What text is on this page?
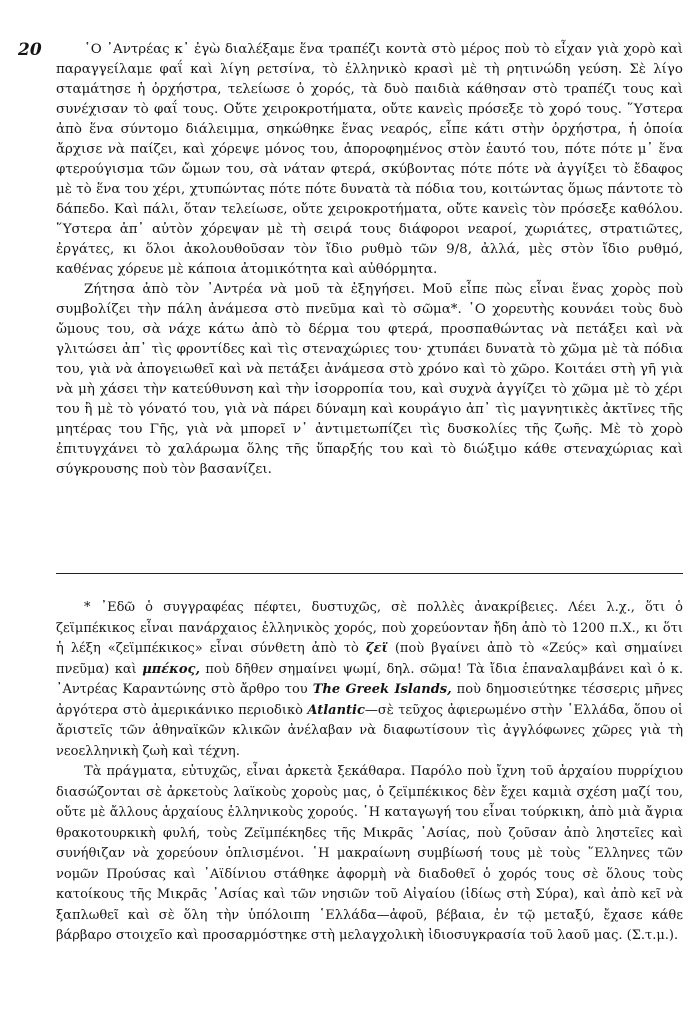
20	῾Ο ᾿Αντρέας κ᾿ ἐγὼ διαλέξαμε ἕνα τραπέζι κοντὰ στὸ μέρος ποὺ τὸ εἶχαν γιὰ χορὸ καὶ παραγγείλαμε φαΐ καὶ λίγη ρετσίνα, τὸ ἑλληνικὸ κρασὶ μὲ τὴ ρητινώδη γεύση. Σὲ λίγο σταμάτησε ἡ ὀρχήστρα, τελείωσε ὁ χορός, τὰ δυὸ παιδιὰ κάθησαν στὸ τραπέζι τους καὶ συνέχισαν τὸ φαΐ τους. Οὔτε χειροκροτήματα, οὔτε κανεὶς πρόσεξε τὸ χορό τους. ῞Υστερα ἀπὸ ἕνα σύντομο διάλειμμα, σηκώθηκε ἕνας νεαρός, εἶπε κάτι στὴν ὀρχήστρα, ἡ ὁποία ἄρχισε νὰ παίζει, καὶ χόρεψε μόνος του, ἀποροφημένος στὸν ἑαυτό του, πότε πότε μ᾿ ἕνα φτερούγισμα τῶν ὤμων του, σὰ νάταν φτερά, σκύβοντας πότε πότε νὰ ἀγγίξει τὸ ἔδαφος μὲ τὸ ἕνα του χέρι, χτυπώντας πότε πότε δυνατὰ τὰ πόδια του, κοιτώντας ὅμως πάντοτε τὸ δάπεδο. Καὶ πάλι, ὅταν τελείωσε, οὔτε χειροκροτήματα, οὔτε κανεὶς τὸν πρόσεξε καθόλου. ῞Υστερα ἀπ᾿ αὐτὸν χόρεψαν μὲ τὴ σειρά τους διάφοροι νεαροί, χωριάτες, στρατιῶτες, ἐργάτες, κι ὅλοι ἀκολουθοῦσαν τὸν ἴδιο ρυθμὸ τῶν 9/8, ἀλλά, μὲς στὸν ἴδιο ρυθμό, καθένας χόρευε μὲ κάποια ἀτομικότητα καὶ αὐθόρμητα.

Ζήτησα ἀπὸ τὸν ᾿Αντρέα νὰ μοῦ τὰ ἐξηγήσει. Μοῦ εἶπε πὼς εἶναι ἕνας χορὸς ποὺ συμβολίζει τὴν πάλη ἀνάμεσα στὸ πνεῦμα καὶ τὸ σῶμα*. ῾Ο χορευτὴς κουνάει τοὺς δυὸ ὤμους του, σὰ νάχε κάτω ἀπὸ τὸ δέρμα του φτερά, προσπαθώντας νὰ πετάξει καὶ νὰ γλιτώσει ἀπ᾿ τὶς φροντίδες καὶ τὶς στεναχώριες του· χτυπάει δυνατὰ τὸ χῶμα μὲ τὰ πόδια του, γιὰ νὰ ἀπογειωθεῖ καὶ νὰ πετάξει ἀνάμεσα στὸ χρόνο καὶ τὸ χῶρο. Κοιτάει στὴ γῆ γιὰ νὰ μὴ χάσει τὴν κατεύθυνση καὶ τὴν ἰσορροπία του, καὶ συχνὰ ἀγγίζει τὸ χῶμα μὲ τὸ χέρι του ἢ μὲ τὸ γόνατό του, γιὰ νὰ πάρει δύναμη καὶ κουράγιο ἀπ᾿ τὶς μαγνητικὲς ἀκτῖνες τῆς μητέρας του Γῆς, γιὰ νὰ μπορεῖ ν᾿ ἀντιμετωπίζει τὶς δυσκολίες τῆς ζωῆς. Μὲ τὸ χορὸ ἐπιτυγχάνει τὸ χαλάρωμα ὅλης τῆς ὕπαρξής του καὶ τὸ διώξιμο κάθε στεναχώριας καὶ σύγκρουσης ποὺ τὸν βασανίζει.

* ᾿Εδῶ ὁ συγγραφέας πέφτει, δυστυχῶς, σὲ πολλὲς ἀνακρίβειες. Λέει λ.χ., ὅτι ὁ ζεϊμπέκικος εἶναι πανάρχαιος ἑλληνικὸς χορός, ποὺ χορεύονταν ἤδη ἀπὸ τὸ 1200 π.Χ., κι ὅτι ἡ λέξη «ζεϊμπέκικος» εἶναι σύνθετη ἀπὸ τὸ ζεϊ (ποὺ βγαίνει ἀπὸ τὸ «Ζεύς» καὶ σημαίνει πνεῦμα) καὶ μπέκος, ποὺ δῆθεν σημαίνει ψωμί, δηλ. σῶμα! Τὰ ἴδια ἐπαναλαμβάνει καὶ ὁ κ. ᾿Αντρέας Καραντώνης στὸ ἄρθρο του The Greek Islands, ποὺ δημοσιεύτηκε τέσσερις μῆνες ἀργότερα στὸ ἀμερικάνικο περιοδικὸ Atlantic—σὲ τεῦχος ἀφιερωμένο στὴν ῾Ελλάδα, ὅπου οἱ ἄριστεῖς τῶν ἀθηναϊκῶν κλικῶν ἀνέλαβαν νὰ διαφωτίσουν τὶς ἀγγλόφωνες χῶρες γιὰ τὴ νεοελληνικὴ ζωὴ καὶ τέχνη.

Τὰ πράγματα, εὐτυχῶς, εἶναι ἀρκετὰ ξεκάθαρα. Παρόλο ποὺ ἴχνη τοῦ ἀρχαίου πυρρίχιου διασώζονται σὲ ἀρκετοὺς λαϊκοὺς χοροὺς μας, ὁ ζεϊμπέκικος δὲν ἔχει καμιὰ σχέση μαζί του, οὔτε μὲ ἄλλους ἀρχαίους ἑλληνικοὺς χορούς. ῾Η καταγωγή του εἶναι τούρκικη, ἀπὸ μιὰ ἄγρια θρακοτουρκικὴ φυλή, τοὺς Ζεϊμπέκηδες τῆς Μικρᾶς ᾿Ασίας, ποὺ ζοῦσαν ἀπὸ ληστεῖες καὶ συνήθιζαν νὰ χορεύουν ὁπλισμένοι. ῾Η μακραίωνη συμβίωσή τους μὲ τοὺς ῞Ελληνες τῶν νομῶν Προύσας καὶ ᾿Αϊδίνιου στάθηκε ἀφορμὴ νὰ διαδοθεῖ ὁ χορός τους σὲ ὅλους τοὺς κατοίκους τῆς Μικρᾶς ᾿Ασίας καὶ τῶν νησιῶν τοῦ Αἰγαίου (ἰδίως στὴ Σύρα), καὶ ἀπὸ κεῖ νὰ ξαπλωθεῖ καὶ σὲ ὅλη τὴν ὑπόλοιπη ῾Ελλάδα—ἀφοῦ, βέβαια, ἐν τῷ μεταξύ, ἔχασε κάθε βάρβαρο στοιχεῖο καὶ προσαρμόστηκε στὴ μελαγχολικὴ ἰδιοσυγκρασία τοῦ λαοῦ μας. (Σ.τ.μ.).
